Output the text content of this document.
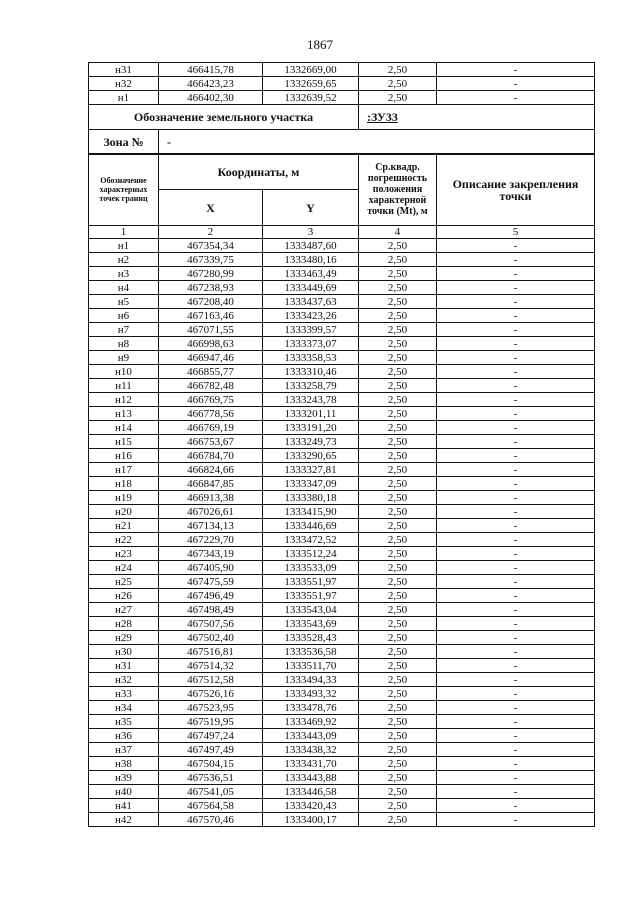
1867
н31	466415,78	1332669,00	2,50	-
н32	466423,23	1332659,65	2,50	-
н1	466402,30	1332639,52	2,50	-
Обозначение земельного участка		:ЗУ33
Зона №	-	
Обозначение характерных точек границ	Координаты, м		Ср.квадр. погрешность положения характерной точки (Mt), м	Описание закрепления точки
	X	Y		
1	2	3	4	5
н1	467354,34	1333487,60	2,50	-
н2	467339,75	1333480,16	2,50	-
н3	467280,99	1333463,49	2,50	-
н4	467238,93	1333449,69	2,50	-
н5	467208,40	1333437,63	2,50	-
н6	467163,46	1333423,26	2,50	-
н7	467071,55	1333399,57	2,50	-
н8	466998,63	1333373,07	2,50	-
н9	466947,46	1333358,53	2,50	-
н10	466855,77	1333310,46	2,50	-
н11	466782,48	1333258,79	2,50	-
н12	466769,75	1333243,78	2,50	-
н13	466778,56	1333201,11	2,50	-
н14	466769,19	1333191,20	2,50	-
н15	466753,67	1333249,73	2,50	-
н16	466784,70	1333290,65	2,50	-
н17	466824,66	1333327,81	2,50	-
н18	466847,85	1333347,09	2,50	-
н19	466913,38	1333380,18	2,50	-
н20	467026,61	1333415,90	2,50	-
н21	467134,13	1333446,69	2,50	-
н22	467229,70	1333472,52	2,50	-
н23	467343,19	1333512,24	2,50	-
н24	467405,90	1333533,09	2,50	-
н25	467475,59	1333551,97	2,50	-
н26	467496,49	1333551,97	2,50	-
н27	467498,49	1333543,04	2,50	-
н28	467507,56	1333543,69	2,50	-
н29	467502,40	1333528,43	2,50	-
н30	467516,81	1333536,58	2,50	-
н31	467514,32	1333511,70	2,50	-
н32	467512,58	1333494,33	2,50	-
н33	467526,16	1333493,32	2,50	-
н34	467523,95	1333478,76	2,50	-
н35	467519,95	1333469,92	2,50	-
н36	467497,24	1333443,09	2,50	-
н37	467497,49	1333438,32	2,50	-
н38	467504,15	1333431,70	2,50	-
н39	467536,51	1333443,88	2,50	-
н40	467541,05	1333446,58	2,50	-
н41	467564,58	1333420,43	2,50	-
н42	467570,46	1333400,17	2,50	-
